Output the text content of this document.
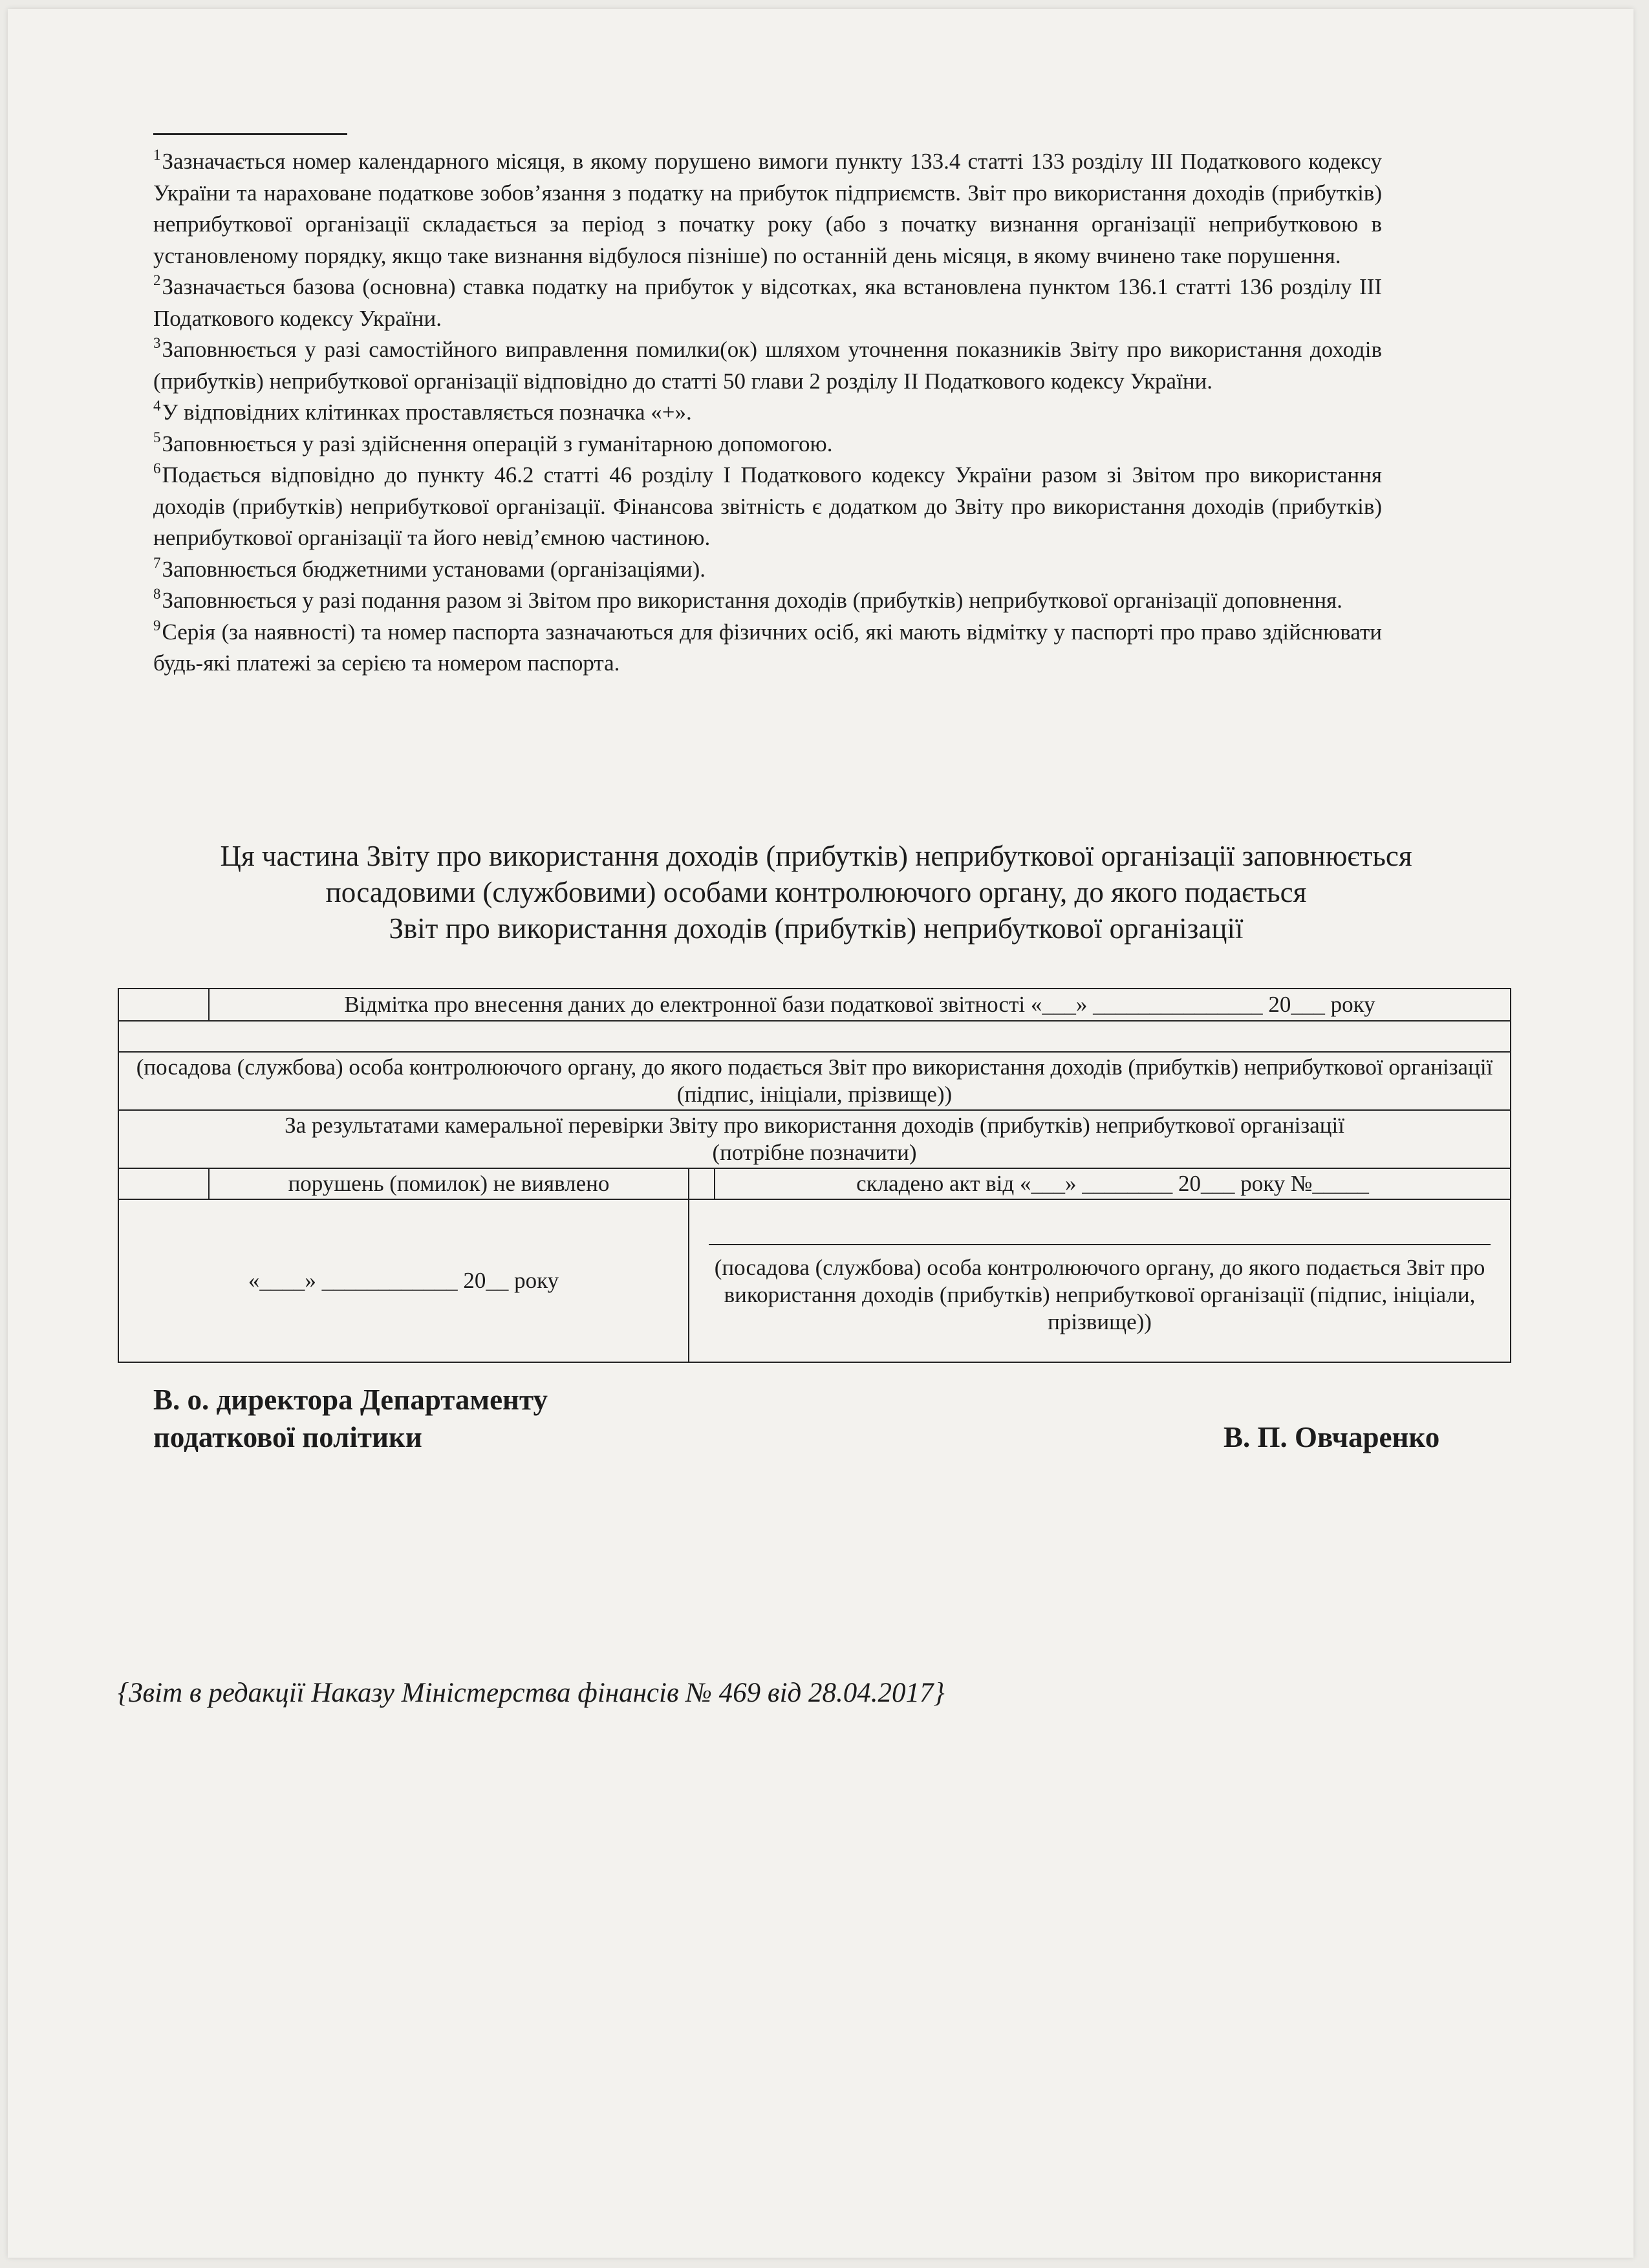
$^1$Зазначається номер календарного місяця, в якому порушено вимоги пункту 133.4 статті 133 розділу ІІІ Податкового кодексу України та нараховане податкове зобов’язання з податку на прибуток підприємств. Звіт про використання доходів (прибутків) неприбуткової організації складається за період з початку року (або з початку визнання організації неприбутковою в установленому порядку, якщо таке визнання відбулося пізніше) по останній день місяця, в якому вчинено таке порушення.

$^2$Зазначається базова (основна) ставка податку на прибуток у відсотках, яка встановлена пунктом 136.1 статті 136 розділу ІІІ Податкового кодексу України.

$^3$Заповнюється у разі самостійного виправлення помилки(ок) шляхом уточнення показників Звіту про використання доходів (прибутків) неприбуткової організації відповідно до статті 50 глави 2 розділу ІІ Податкового кодексу України.

$^4$У відповідних клітинках проставляється позначка «+».

$^5$Заповнюється у разі здійснення операцій з гуманітарною допомогою.

$^6$Подається відповідно до пункту 46.2 статті 46 розділу І Податкового кодексу України разом зі Звітом про використання доходів (прибутків) неприбуткової організації. Фінансова звітність є додатком до Звіту про використання доходів (прибутків) неприбуткової організації та його невід’ємною частиною.

$^7$Заповнюється бюджетними установами (організаціями).

$^8$Заповнюється у разі подання разом зі Звітом про використання доходів (прибутків) неприбуткової організації доповнення.

$^9$Серія (за наявності) та номер паспорта зазначаються для фізичних осіб, які мають відмітку у паспорті про право здійснювати будь-які платежі за серією та номером паспорта.

Ця частина Звіту про використання доходів (прибутків) неприбуткової організації заповнюється
посадовими (службовими) особами контролюючого органу, до якого подається
Звіт про використання доходів (прибутків) неприбуткової організації
	Відмітка про внесення даних до електронної бази податкової звітності «___» _______________ 20___ року		

(посадова (службова) особа контролюючого органу, до якого подається Звіт про використання доходів (прибутків) неприбуткової організації (підпис, ініціали, прізвище))			

За результатами камеральної перевірки Звіту про використання доходів (прибутків) неприбуткової організації
(потрібне позначити)			

	порушень (помилок) не виявлено		складено акт від «___» ________ 20___ року №_____
«____» ____________ 20__ року		(посадова (службова) особа контролюючого органу, до якого подається Звіт про використання доходів (прибутків) неприбуткової організації (підпис, ініціали, прізвище))	
В. о. директора Департаменту
податкової політики	В. П. Овчаренко
{Звіт в редакції Наказу Міністерства фінансів № 469 від 28.04.2017}
